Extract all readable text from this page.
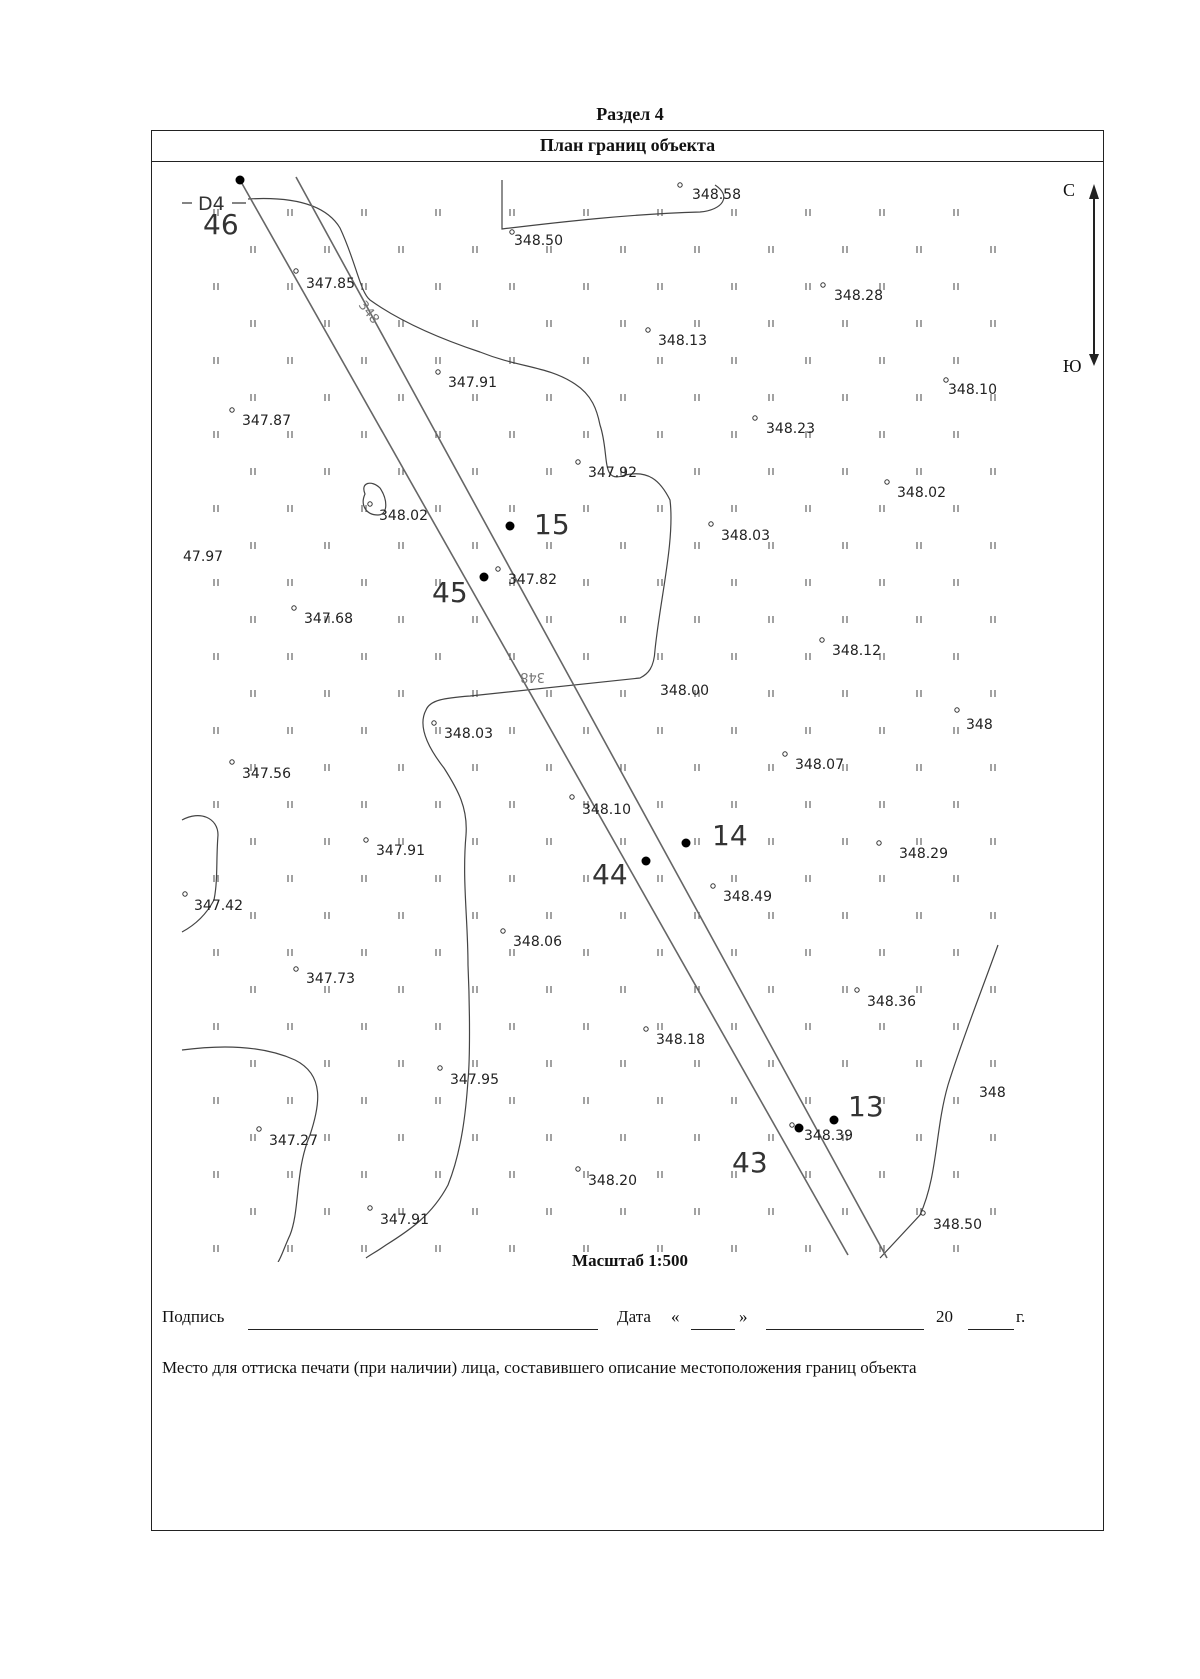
Раздел 4
План границ объекта
348
348
С
Ю
D4	348.58
348.50
347.85
348.28
348.13
347.91	348.10
347.87	348.23
347.92
348.02
348.02
348.03
47.97
347.82
347.68
348.12
348.00
348
348.03
347.56
348.07
348.10
347.91	348.29
347.42
348.49
348.06
347.73
348.36
348.18
347.95
348
347.27	348.39
348.20
347.91	348.50
46
45
44
43
15
14
13
Масштаб 1:500
Подпись	Дата «	»	20	г.
Место для оттиска печати (при наличии) лица, составившего описание местоположения границ объекта
